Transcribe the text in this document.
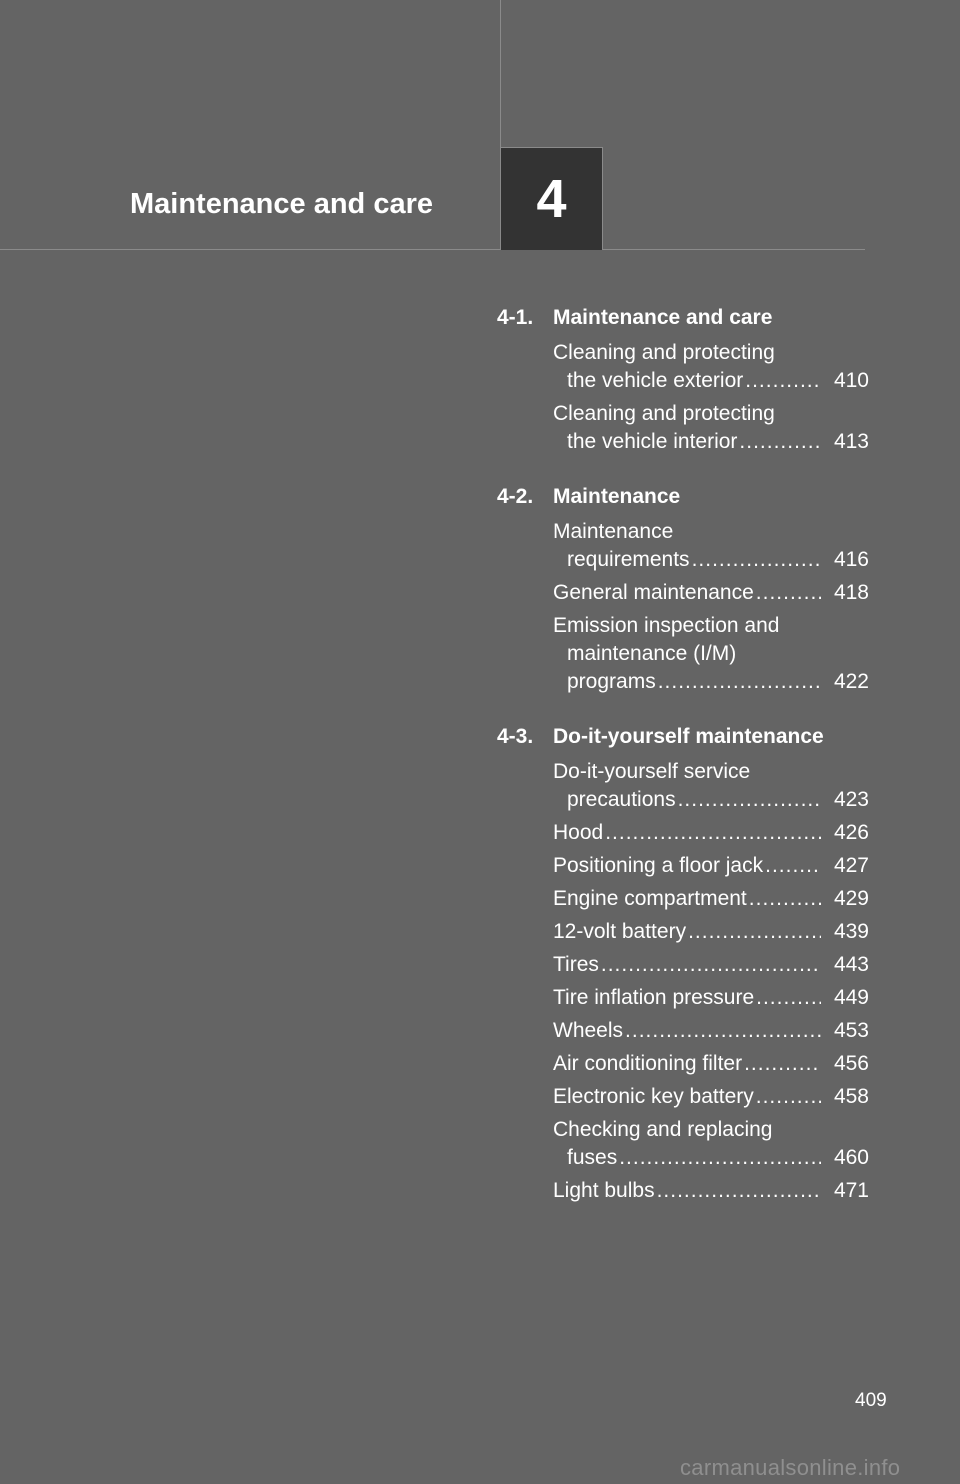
Maintenance and care	4
4-1. Maintenance and care
Cleaning and protecting
the vehicle exterior .....	410
Cleaning and protecting
the vehicle interior .....	413
4-2. Maintenance
Maintenance
requirements .....	416
General maintenance .....	418
Emission inspection and
maintenance (I/M)
programs .....	422
4-3. Do-it-yourself maintenance
Do-it-yourself service
precautions .....	423
Hood .....	426
Positioning a floor jack .....	427
Engine compartment .....	429
12-volt battery .....	439
Tires .....	443
Tire inflation pressure .....	449
Wheels .....	453
Air conditioning filter .....	456
Electronic key battery .....	458
Checking and replacing
fuses .....	460
Light bulbs .....	471
409
carmanualsonline.info
